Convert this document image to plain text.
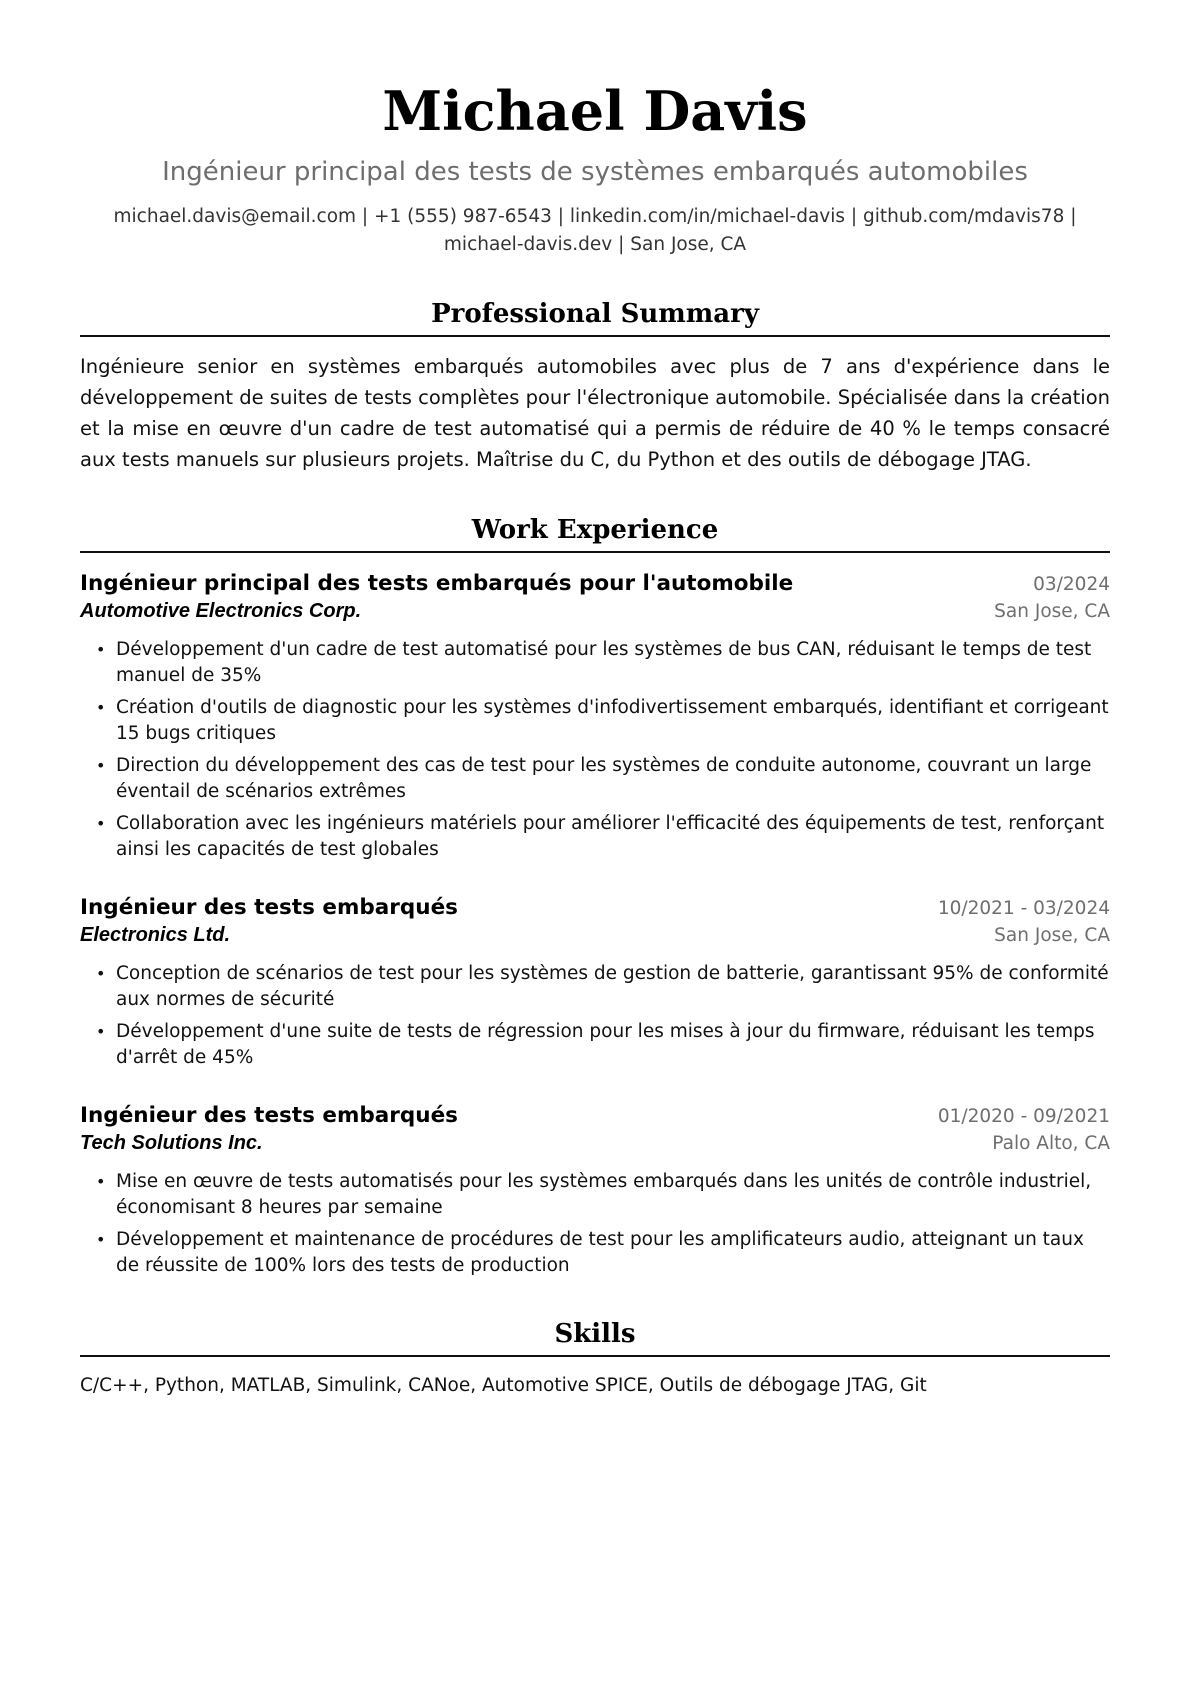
Michael Davis
Ingénieur principal des tests de systèmes embarqués automobiles
michael.davis@email.com | +1 (555) 987-6543 | linkedin.com/in/michael-davis | github.com/mdavis78 |
michael-davis.dev | San Jose, CA
Professional Summary
Ingénieure senior en systèmes embarqués automobiles avec plus de 7 ans d'expérience dans le développement de suites de tests complètes pour l'électronique automobile. Spécialisée dans la création et la mise en œuvre d'un cadre de test automatisé qui a permis de réduire de 40 % le temps consacré aux tests manuels sur plusieurs projets. Maîtrise du C, du Python et des outils de débogage JTAG.
Work Experience
Ingénieur principal des tests embarqués pour l'automobile	03/2024
Automotive Electronics Corp.	San Jose, CA
• Développement d'un cadre de test automatisé pour les systèmes de bus CAN, réduisant le temps de test manuel de 35%
• Création d'outils de diagnostic pour les systèmes d'infodivertissement embarqués, identifiant et corrigeant 15 bugs critiques
• Direction du développement des cas de test pour les systèmes de conduite autonome, couvrant un large éventail de scénarios extrêmes
• Collaboration avec les ingénieurs matériels pour améliorer l'efficacité des équipements de test, renforçant ainsi les capacités de test globales
Ingénieur des tests embarqués	10/2021 - 03/2024
Electronics Ltd.	San Jose, CA
• Conception de scénarios de test pour les systèmes de gestion de batterie, garantissant 95% de conformité aux normes de sécurité
• Développement d'une suite de tests de régression pour les mises à jour du firmware, réduisant les temps d'arrêt de 45%
Ingénieur des tests embarqués	01/2020 - 09/2021
Tech Solutions Inc.	Palo Alto, CA
• Mise en œuvre de tests automatisés pour les systèmes embarqués dans les unités de contrôle industriel, économisant 8 heures par semaine
• Développement et maintenance de procédures de test pour les amplificateurs audio, atteignant un taux de réussite de 100% lors des tests de production
Skills
C/C++, Python, MATLAB, Simulink, CANoe, Automotive SPICE, Outils de débogage JTAG, Git
